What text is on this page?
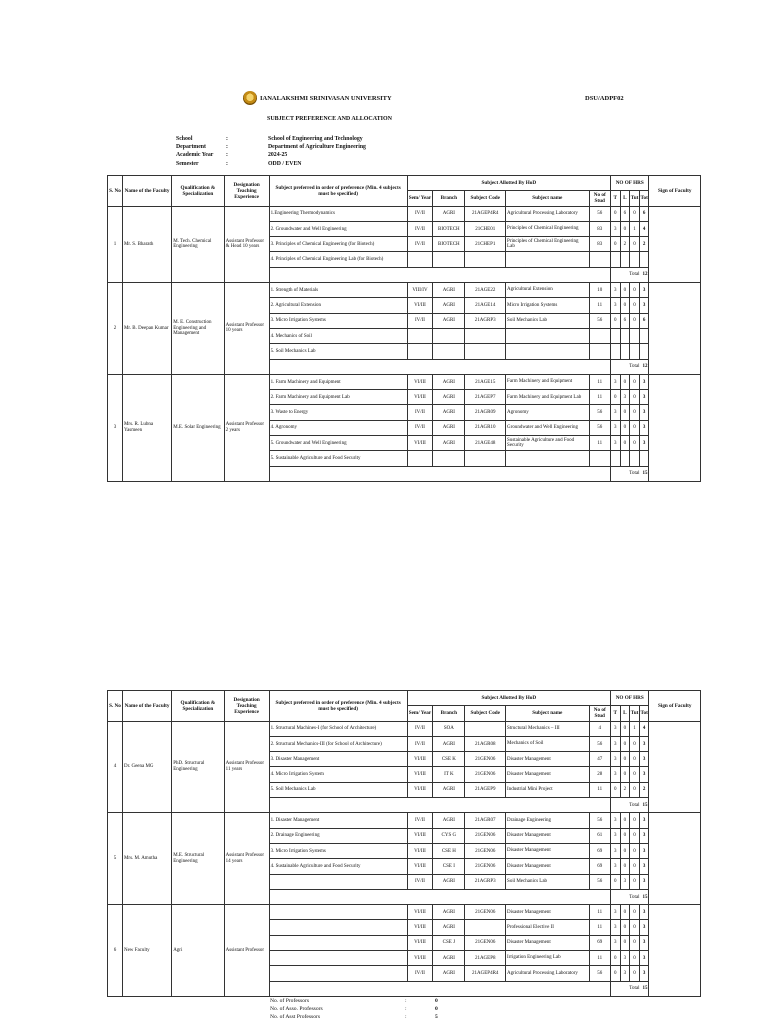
IANALAKSHMI SRINIVASAN UNIVERSITY	DSU/ADPF02
SUBJECT PREFERENCE AND ALLOCATION
School	:	School of Engineering and Technology
Department	:	Department of Agriculture Engineering
Academic Year	:	2024-25
Semester	:	ODD / EVEN
S. No	Name of the Faculty	Qualification & Specialization	Designation Teaching Experience	Subject preferred in order of preference (Min. 4 subjects must be specified)	Subject Allotted By HoD					NO OF HRS	Sign of Faculty
					Sem/ Year	Branch	Subject Code	Subject name	No of Stud	T L Tut Tot	

1	Mr. S. Bharath	M. Tech. Chemical Engineering	Assistant Professor & Head 10 years	1.Engineering Thermodynamics	IV/II	AGRI	21AGEP4R4	Agricultural Processing Laboratory	56	0 6 0 6	

				2. Groundwater and Well Engineering	IV/II	BIOTECH	21CHE01	Principles of Chemical Engineering	83	3 0 1 4	

				3. Principles of Chemical Engineering (for Biotech)	IV/II	BIOTECH	21CHEP1	Principles of Chemical Engineering Lab	83	0 2 0 2	

				4. Principles of Chemical Engineering Lab (for Biotech)							

										Total 12	
2	Mr. B. Deepan Kumar	M. E. Construction Engineering and Management	Assistant Professor 10 years	1. Strength of Materials	VIII/IV	AGRI	21AGE22	Agricultural Extension	10	3 0 0 3	

				2. Agricultural Extension	VI/III	AGRI	21AGE14	Micro Irrigation Systems	11	3 0 0 3	

				3. Micro Irrigation Systems	IV/II	AGRI	21AGRP3	Soil Mechanics Lab	56	0 6 0 6	

				4. Mechanics of Soil							

				5. Soil Mechanics Lab							

										Total 12	
3	Mrs. R. Lubna Yasmeen	M.E. Solar Engineering	Assistant Professor 2 years	1. Farm Machinery and Equipment	VI/III	AGRI	21AGE15	Farm Machinery and Equipment	11	3 0 0 3	

				2. Farm Machinery and Equipment Lab	VI/III	AGRI	21AGEP7	Farm Machinery and Equipment Lab	11	0 3 0 3	

				3. Waste to Energy	IV/II	AGRI	21AGR09	Agronomy	56	3 0 0 3	

				4. Agronomy	IV/II	AGRI	21AGR10	Groundwater and Well Engineering	56	3 0 0 3	

				5. Groundwater and Well Engineering	VI/III	AGRI	21AGE48	Sustainable Agriculture and Food Security	11	3 0 0 3	

				5. Sustainable Agriculture and Food Security							

										Total 15	
S. No	Name of the Faculty	Qualification & Specialization	Designation Teaching Experience	Subject preferred in order of preference (Min. 4 subjects must be specified)	Subject Allotted By HoD					NO OF HRS	Sign of Faculty
					Sem/ Year	Branch	Subject Code	Subject name	No of Stud	T L Tut Tot	

4	Dr. Geena MG	PhD. Structural Engineering	Assistant Professor 11 years	1. Structural Machines-I (for School of Architecture)	IV/II	SOA		Structural Mechanics – III	4	3 0 1 4	

				2. Structural Mechanics-III (for School of Architecture)	IV/II	AGRI	21AGR08	Mechanics of Soil	56	3 0 0 3	

				3. Disaster Management	VI/III	CSE K	21GEN06	Disaster Management	47	3 0 0 3	

				4. Micro Irrigation System	VI/III	IT K	21GEN06	Disaster Management	28	3 0 0 3	

				5. Soil Mechanics Lab	VI/III	AGRI	21AGEP9	Industrial Mini Project	11	0 2 0 2	

										Total 15	
5	Mrs. M. Amutha	M.E. Structural Engineering	Assistant Professor 14 years	1. Disaster Management	IV/II	AGRI	21AGR07	Drainage Engineering	56	3 0 0 3	

				2. Drainage Engineering	VI/III	CYS G	21GEN06	Disaster Management	61	3 0 0 3	

				3. Micro Irrigation Systems	VI/III	CSE H	21GEN06	Disaster Management	69	3 0 0 3	

				4. Sustainable Agriculture and Food Security	VI/III	CSE I	21GEN06	Disaster Management	69	3 0 0 3	

					IV/II	AGRI	21AGRP3	Soil Mechanics Lab	56	0 3 0 3	

										Total 15	
6	New Faculty	Agri	Assistant Professor		VI/III	AGRI	21GEN06	Disaster Management	11	3 0 0 3	

					VI/III	AGRI		Professional Elective II	11	3 0 0 3	

					VI/III	CSE J	21GEN06	Disaster Management	69	3 0 0 3	

					VI/III	AGRI	21AGEP8	Irrigation Engineering Lab	11	0 3 0 3	

					IV/II	AGRI	21AGEP4R4	Agricultural Processing Laboratory	56	0 3 0 3	

										Total 15	
No. of Professors	:	0
No. of Asso. Professors	:	0
No. of Asst Professors	:	5
